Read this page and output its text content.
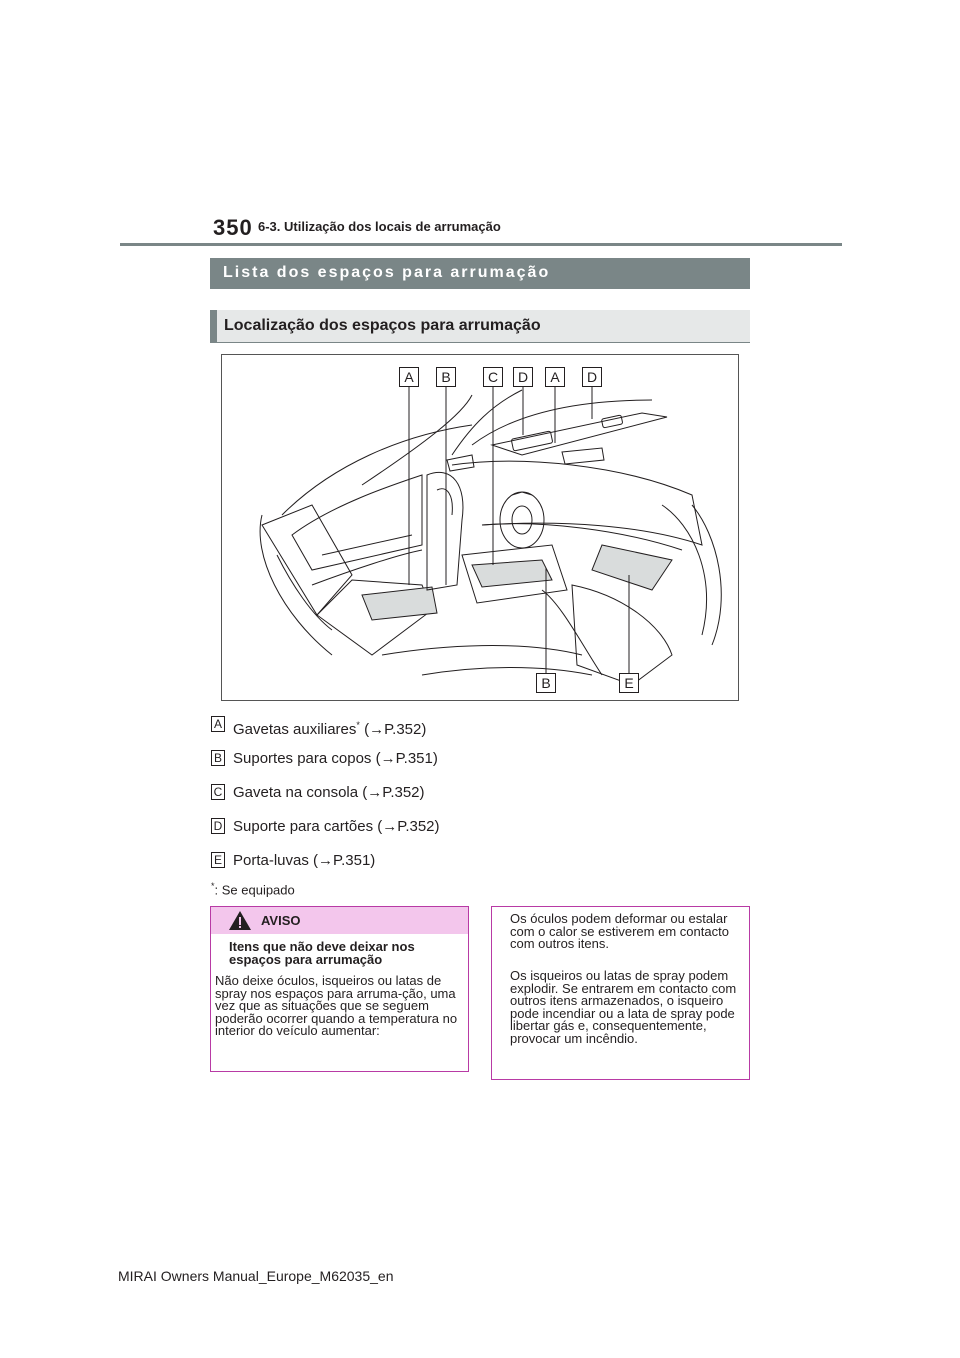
350 6-3. Utilização dos locais de arrumação
Lista dos espaços para arrumação
Localização dos espaços para arrumação
A	B	C	D	A	D
B	E
A Gavetas auxiliares* (→P.352)
B Suportes para copos (→P.351)
C Gaveta na consola (→P.352)
D Suporte para cartões (→P.352)
E Porta-luvas (→P.351)
*: Se equipado
AVISO
Itens que não deve deixar nos espaços para arrumação
Não deixe óculos, isqueiros ou latas de spray nos espaços para arruma-ção, uma vez que as situações que se seguem poderão ocorrer quando a temperatura no interior do veículo aumentar:
Os óculos podem deformar ou estalar com o calor se estiverem em contacto com outros itens.
Os isqueiros ou latas de spray podem explodir. Se entrarem em contacto com outros itens armazenados, o isqueiro pode incendiar ou a lata de spray pode libertar gás e, consequentemente, provocar um incêndio.
MIRAI Owners Manual_Europe_M62035_en
